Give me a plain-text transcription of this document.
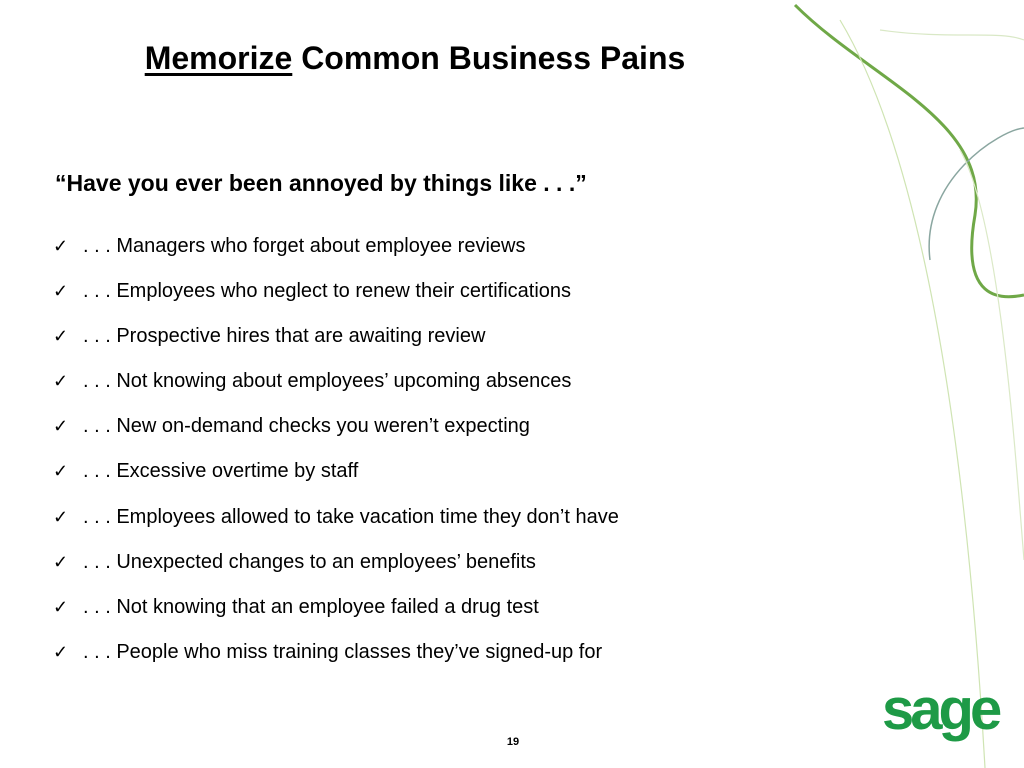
Memorize Common Business Pains

“Have you ever been annoyed by things like . . .”

✓ . . . Managers who forget about employee reviews
✓ . . . Employees who neglect to renew their certifications
✓ . . . Prospective hires that are awaiting review
✓ . . . Not knowing about employees’ upcoming absences
✓ . . . New on-demand checks you weren’t expecting
✓ . . . Excessive overtime by staff
✓ . . . Employees allowed to take vacation time they don’t have
✓ . . . Unexpected changes to an employees’ benefits
✓ . . . Not knowing that an employee failed a drug test
✓ . . . People who miss training classes they’ve signed-up for
sage
19
